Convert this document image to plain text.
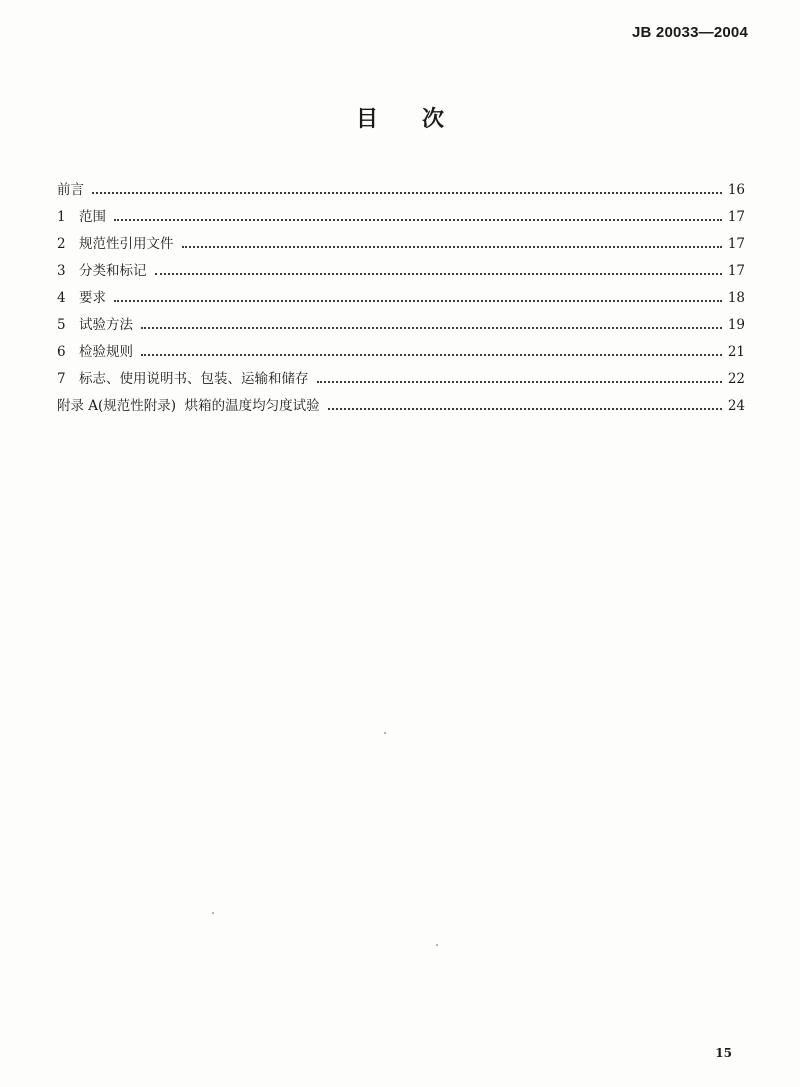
JB 20033—2004
目 次
前言	16
1 范围	17
2 规范性引用文件	17
3 分类和标记	17
4 要求	18
5 试验方法	19
6 检验规则	21
7 标志、使用说明书、包装、运输和储存	22
附录 A(规范性附录)  烘箱的温度均匀度试验	24
15
